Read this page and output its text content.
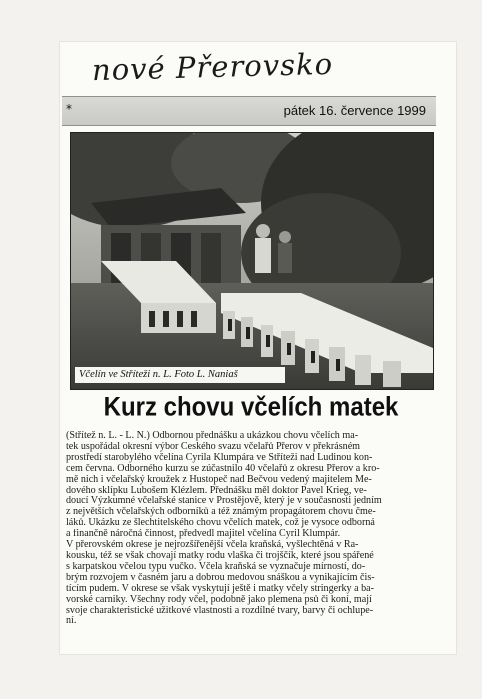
nové Přerovsko
*	pátek 16. července 1999
Včelín ve Stříteži n. L. Foto L. Naniaš
Kurz chovu včelích matek
(Střítež n. L. - L. N.) Odbornou přednášku a ukázkou chovu včelích ma-
tek uspořádal okresní výbor Českého svazu včelařů Přerov v překrásném
prostředí starobylého včelína Cyrila Klumpára ve Stříteži nad Ludinou kon-
cem června. Odborného kurzu se zúčastnilo 40 včelařů z okresu Přerov a kro-
mě nich i včelařský kroužek z Hustopeč nad Bečvou vedený majitelem Me-
dového sklípku Lubošem Klézlem. Přednášku měl doktor Pavel Krieg, ve-
doucí Výzkumné včelařské stanice v Prostějově, který je v současnosti jedním
z největších včelařských odborníků a též známým propagátorem chovu čme-
láků. Ukázku ze šlechtitelského chovu včelích matek, což je vysoce odborná
a finančně náročná činnost, předvedl majitel včelína Cyril Klumpár.
V přerovském okrese je nejrozšířenější včela kraňská, vyšlechtěná v Ra-
kousku, též se však chovají matky rodu vlaška či trojščík, které jsou spářené
s karpatskou včelou typu vučko. Včela kraňská se vyznačuje mírností, do-
brým rozvojem v časném jaru a dobrou medovou snáškou a vynikajícím čis-
tícím pudem. V okrese se však vyskytují ještě i matky včely stringerky a ba-
vorské carniky. Všechny rody včel, podobně jako plemena psů či koní, mají
svoje charakteristické užitkové vlastnosti a rozdílné tvary, barvy či ochlupe-
ní.
